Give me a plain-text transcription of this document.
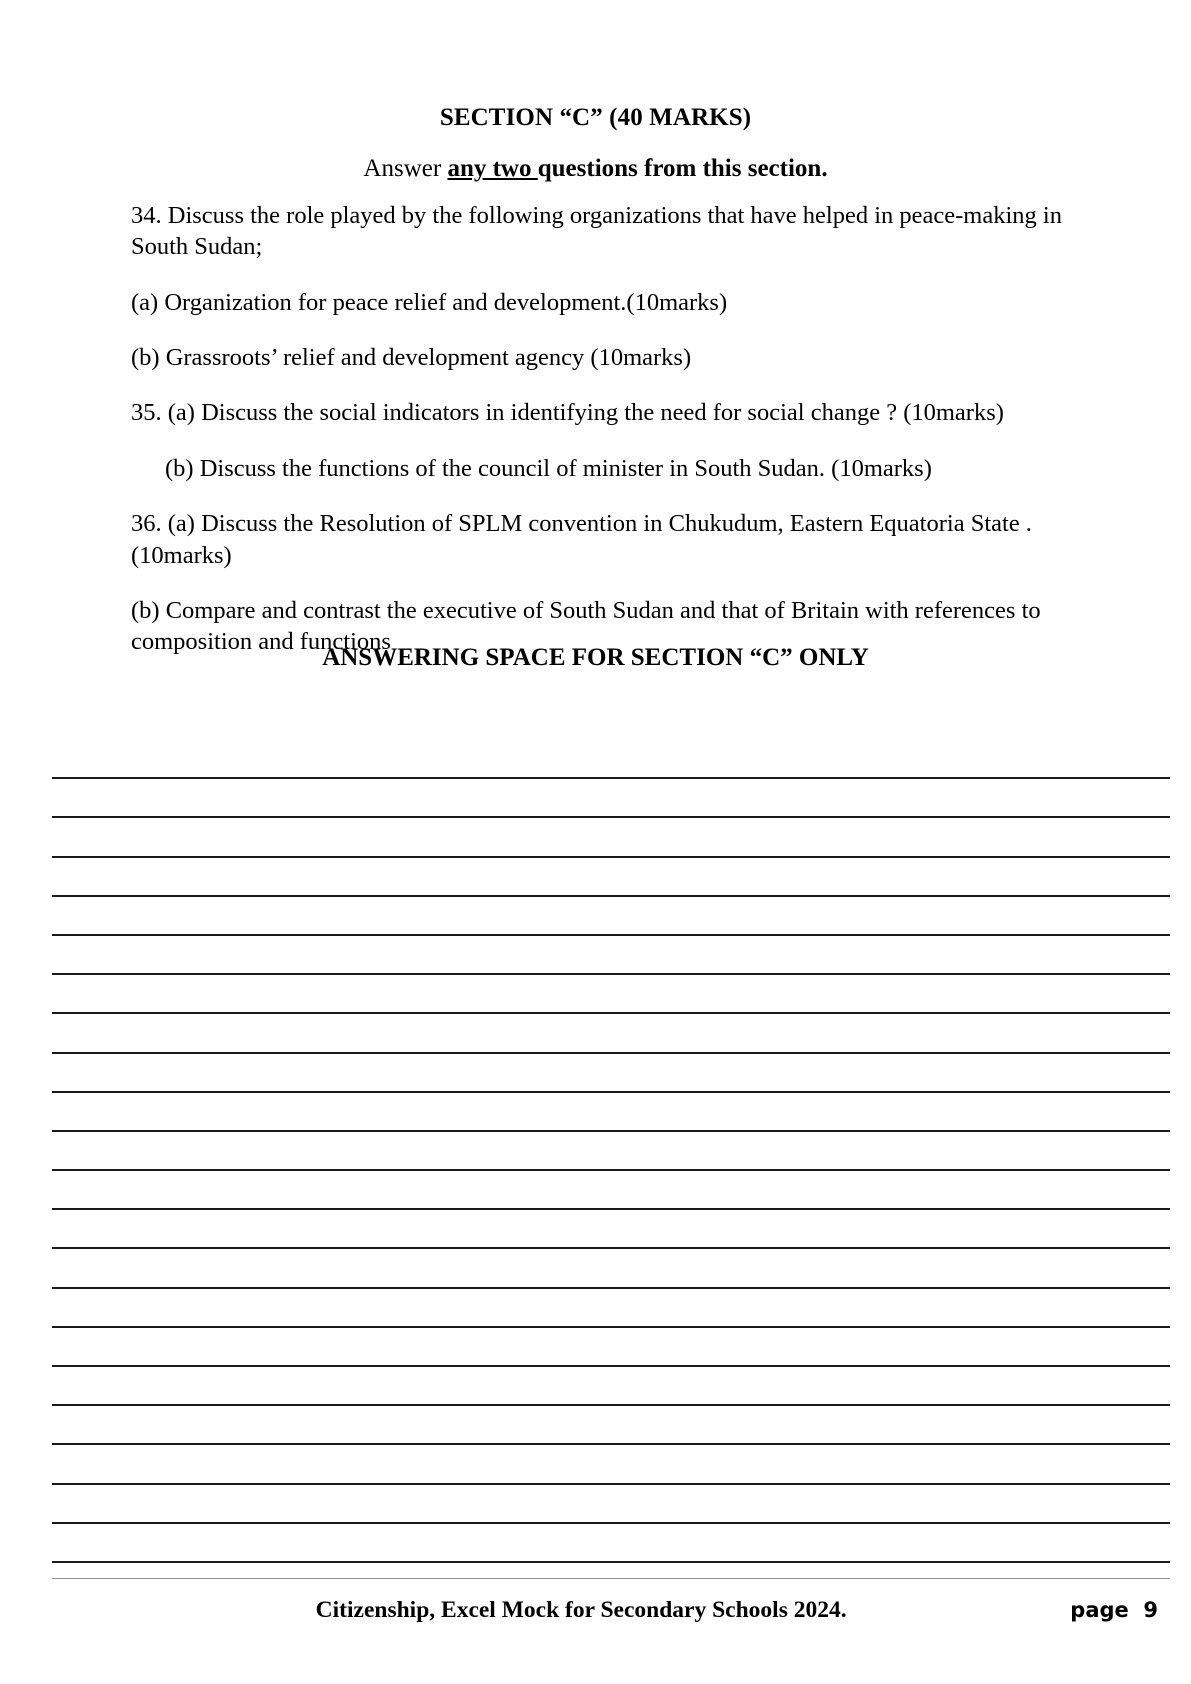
SECTION “C” (40 MARKS)
Answer any two questions from this section.

34. Discuss the role played by the following organizations that have helped in peace-making in South Sudan;

(a) Organization for peace relief and development.(10marks)

(b) Grassroots’ relief and development agency (10marks)

35. (a) Discuss the social indicators in identifying the need for social change ? (10marks)

(b) Discuss the functions of the council of minister in South Sudan. (10marks)

36. (a) Discuss the Resolution of SPLM convention in Chukudum, Eastern Equatoria State . (10marks)

(b) Compare and contrast the executive of South Sudan and that of Britain with references to composition and functions

ANSWERING SPACE FOR SECTION “C” ONLY
Citizenship, Excel Mock for Secondary Schools 2024.	page  9
